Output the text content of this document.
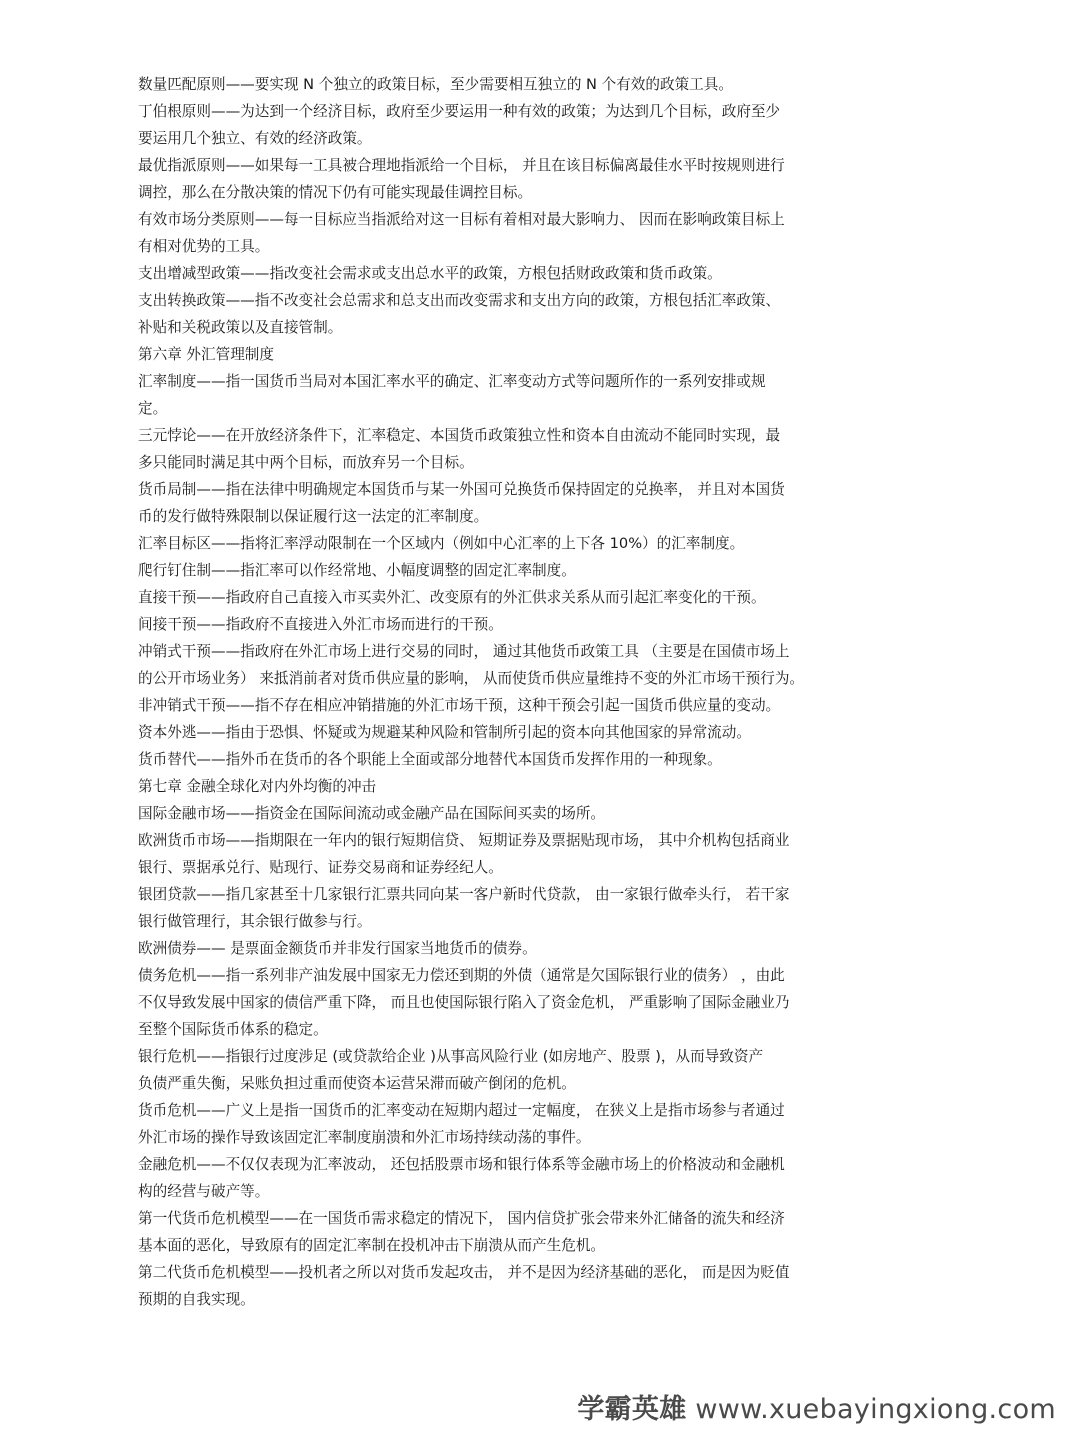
数量匹配原则——要实现 N 个独立的政策目标，至少需要相互独立的 N 个有效的政策工具。
丁伯根原则——为达到一个经济目标，政府至少要运用一种有效的政策；为达到几个目标，政府至少
要运用几个独立、有效的经济政策。
最优指派原则——如果每一工具被合理地指派给一个目标， 并且在该目标偏离最佳水平时按规则进行
调控，那么在分散决策的情况下仍有可能实现最佳调控目标。
有效市场分类原则——每一目标应当指派给对这一目标有着相对最大影响力、 因而在影响政策目标上
有相对优势的工具。
支出增减型政策——指改变社会需求或支出总水平的政策，方根包括财政政策和货币政策。
支出转换政策——指不改变社会总需求和总支出而改变需求和支出方向的政策，方根包括汇率政策、
补贴和关税政策以及直接管制。
第六章 外汇管理制度
汇率制度——指一国货币当局对本国汇率水平的确定、汇率变动方式等问题所作的一系列安排或规
定。
三元悖论——在开放经济条件下，汇率稳定、本国货币政策独立性和资本自由流动不能同时实现，最
多只能同时满足其中两个目标，而放弃另一个目标。
货币局制——指在法律中明确规定本国货币与某一外国可兑换货币保持固定的兑换率， 并且对本国货
币的发行做特殊限制以保证履行这一法定的汇率制度。
汇率目标区——指将汇率浮动限制在一个区域内（例如中心汇率的上下各 10%）的汇率制度。
爬行钉住制——指汇率可以作经常地、小幅度调整的固定汇率制度。
直接干预——指政府自己直接入市买卖外汇、改变原有的外汇供求关系从而引起汇率变化的干预。
间接干预——指政府不直接进入外汇市场而进行的干预。
冲销式干预——指政府在外汇市场上进行交易的同时， 通过其他货币政策工具 （主要是在国债市场上
的公开市场业务） 来抵消前者对货币供应量的影响， 从而使货币供应量维持不变的外汇市场干预行为。
非冲销式干预——指不存在相应冲销措施的外汇市场干预，这种干预会引起一国货币供应量的变动。
资本外逃——指由于恐惧、怀疑或为规避某种风险和管制所引起的资本向其他国家的异常流动。
货币替代——指外币在货币的各个职能上全面或部分地替代本国货币发挥作用的一种现象。
第七章 金融全球化对内外均衡的冲击
国际金融市场——指资金在国际间流动或金融产品在国际间买卖的场所。
欧洲货币市场——指期限在一年内的银行短期信贷、 短期证券及票据贴现市场， 其中介机构包括商业
银行、票据承兑行、贴现行、证券交易商和证券经纪人。
银团贷款——指几家甚至十几家银行汇票共同向某一客户新时代贷款， 由一家银行做牵头行， 若干家
银行做管理行，其余银行做参与行。
欧洲债券—— 是票面金额货币并非发行国家当地货币的债券。
债务危机——指一系列非产油发展中国家无力偿还到期的外债（通常是欠国际银行业的债务） ，由此
不仅导致发展中国家的债信严重下降， 而且也使国际银行陷入了资金危机， 严重影响了国际金融业乃
至整个国际货币体系的稳定。
银行危机——指银行过度涉足 (或贷款给企业 )从事高风险行业 (如房地产、股票 )，从而导致资产
负债严重失衡，呆账负担过重而使资本运营呆滞而破产倒闭的危机。
货币危机——广义上是指一国货币的汇率变动在短期内超过一定幅度， 在狭义上是指市场参与者通过
外汇市场的操作导致该固定汇率制度崩溃和外汇市场持续动荡的事件。
金融危机——不仅仅表现为汇率波动， 还包括股票市场和银行体系等金融市场上的价格波动和金融机
构的经营与破产等。
第一代货币危机模型——在一国货币需求稳定的情况下， 国内信贷扩张会带来外汇储备的流失和经济
基本面的恶化，导致原有的固定汇率制在投机冲击下崩溃从而产生危机。
第二代货币危机模型——投机者之所以对货币发起攻击， 并不是因为经济基础的恶化， 而是因为贬值
预期的自我实现。
学霸英雄 www.xuebayingxiong.com
